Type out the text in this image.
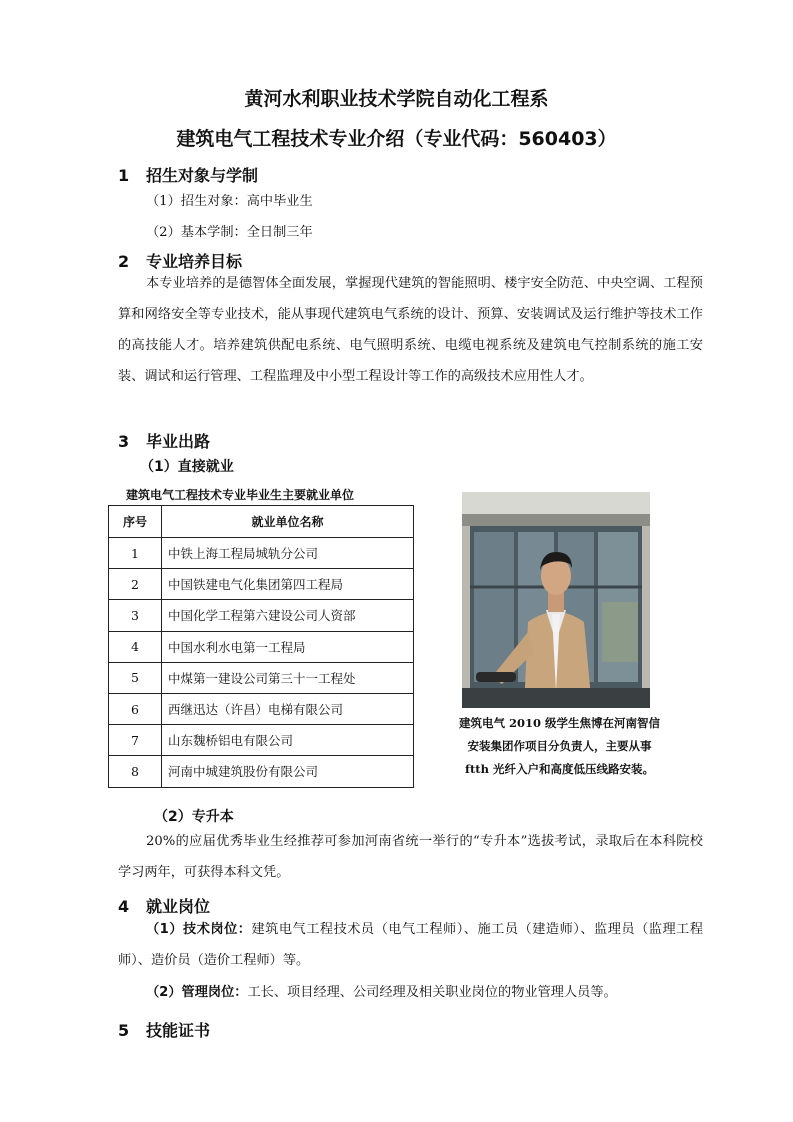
黄河水利职业技术学院自动化工程系
建筑电气工程技术专业介绍（专业代码：560403）
1 招生对象与学制
（1）招生对象：高中毕业生
（2）基本学制：全日制三年
2 专业培养目标
本专业培养的是德智体全面发展，掌握现代建筑的智能照明、楼宇安全防范、中央空调、工程预算和网络安全等专业技术，能从事现代建筑电气系统的设计、预算、安装调试及运行维护等技术工作的高技能人才。培养建筑供配电系统、电气照明系统、电缆电视系统及建筑电气控制系统的施工安装、调试和运行管理、工程监理及中小型工程设计等工作的高级技术应用性人才。
3 毕业出路
（1）直接就业
建筑电气工程技术专业毕业生主要就业单位
序号	就业单位名称
1	中铁上海工程局城轨分公司
2	中国铁建电气化集团第四工程局
3	中国化学工程第六建设公司人资部
4	中国水利水电第一工程局
5	中煤第一建设公司第三十一工程处
6	西继迅达（许昌）电梯有限公司
7	山东魏桥铝电有限公司
8	河南中城建筑股份有限公司
建筑电气 2010 级学生焦博在河南智信
安装集团作项目分负责人，主要从事
ftth 光纤入户和高度低压线路安装。
（2）专升本
20%的应届优秀毕业生经推荐可参加河南省统一举行的“专升本”选拔考试，录取后在本科院校学习两年，可获得本科文凭。
4 就业岗位
（1）技术岗位：建筑电气工程技术员（电气工程师）、施工员（建造师）、监理员（监理工程师）、造价员（造价工程师）等。
（2）管理岗位：工长、项目经理、公司经理及相关职业岗位的物业管理人员等。
5 技能证书
